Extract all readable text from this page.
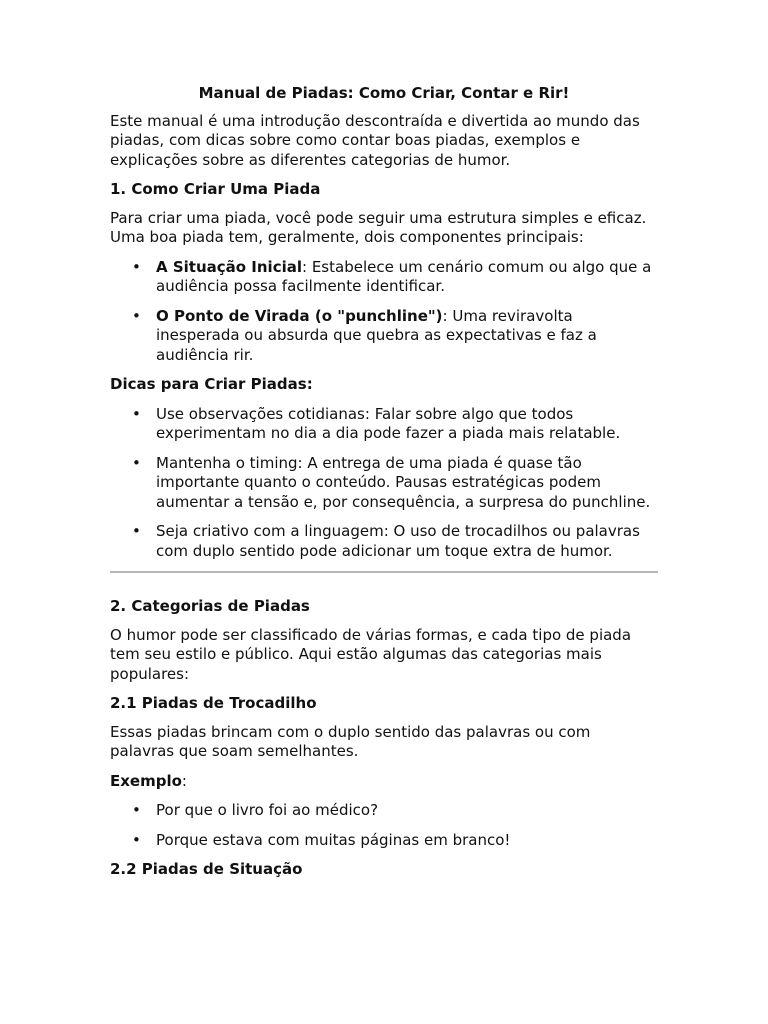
Manual de Piadas: Como Criar, Contar e Rir!

Este manual é uma introdução descontraída e divertida ao mundo das piadas, com dicas sobre como contar boas piadas, exemplos e explicações sobre as diferentes categorias de humor.

1. Como Criar Uma Piada

Para criar uma piada, você pode seguir uma estrutura simples e eficaz. Uma boa piada tem, geralmente, dois componentes principais:

• A Situação Inicial: Estabelece um cenário comum ou algo que a audiência possa facilmente identificar.
• O Ponto de Virada (o "punchline"): Uma reviravolta inesperada ou absurda que quebra as expectativas e faz a audiência rir.

Dicas para Criar Piadas:

• Use observações cotidianas: Falar sobre algo que todos experimentam no dia a dia pode fazer a piada mais relatable.
• Mantenha o timing: A entrega de uma piada é quase tão importante quanto o conteúdo. Pausas estratégicas podem aumentar a tensão e, por consequência, a surpresa do punchline.
• Seja criativo com a linguagem: O uso de trocadilhos ou palavras com duplo sentido pode adicionar um toque extra de humor.
2. Categorias de Piadas

O humor pode ser classificado de várias formas, e cada tipo de piada tem seu estilo e público. Aqui estão algumas das categorias mais populares:

2.1 Piadas de Trocadilho

Essas piadas brincam com o duplo sentido das palavras ou com palavras que soam semelhantes.

Exemplo:

• Por que o livro foi ao médico?
• Porque estava com muitas páginas em branco!
2.2 Piadas de Situação
